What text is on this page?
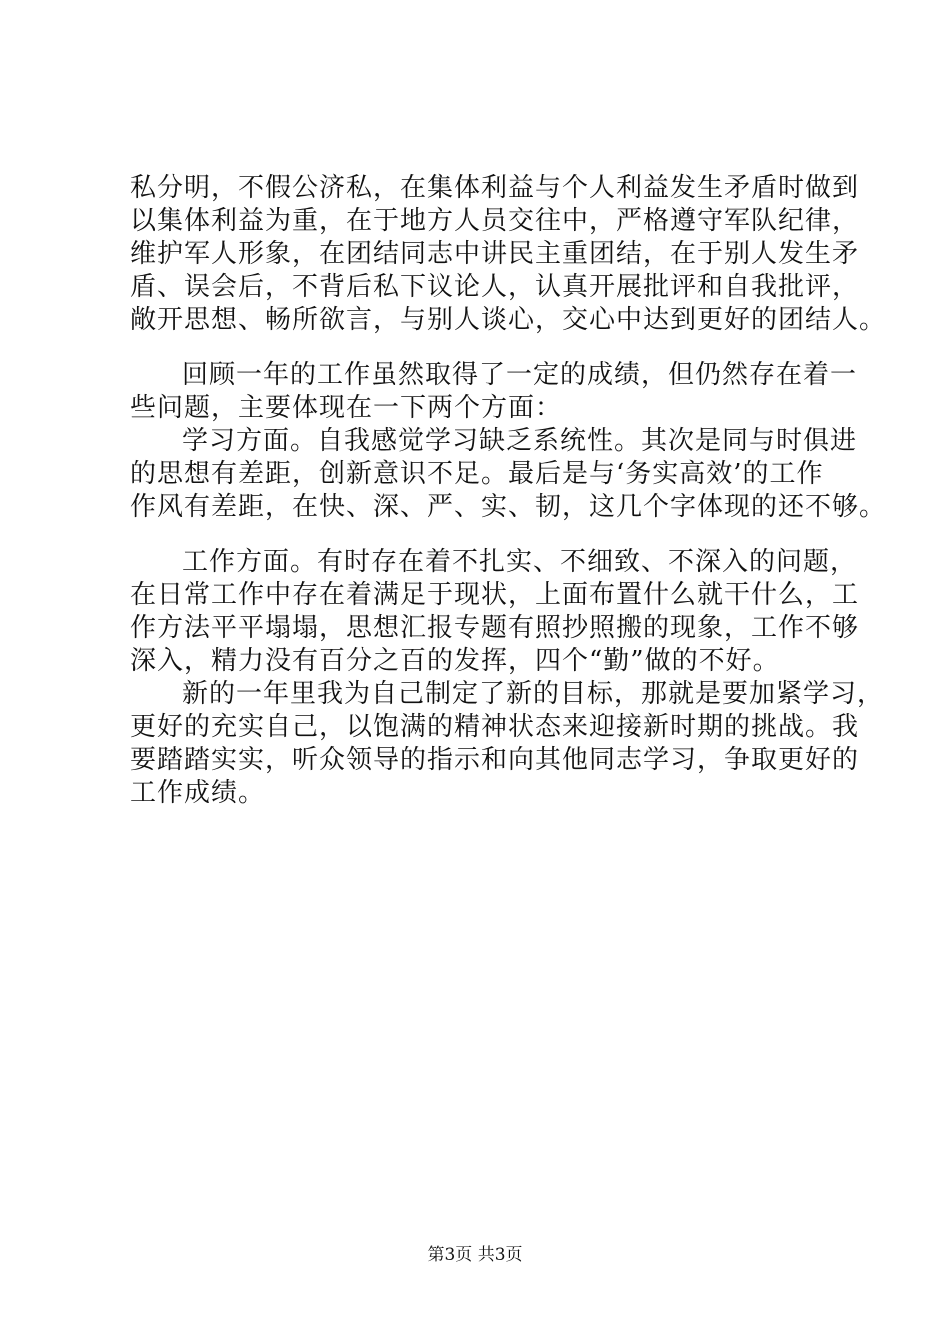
私分明，不假公济私，在集体利益与个人利益发生矛盾时做到
以集体利益为重，在于地方人员交往中，严格遵守军队纪律，
维护军人形象，在团结同志中讲民主重团结，在于别人发生矛
盾、误会后，不背后私下议论人，认真开展批评和自我批评，
敞开思想、畅所欲言，与别人谈心，交心中达到更好的团结人。
回顾一年的工作虽然取得了一定的成绩，但仍然存在着一
些问题，主要体现在一下两个方面：
学习方面。自我感觉学习缺乏系统性。其次是同与时俱进
的思想有差距，创新意识不足。最后是与‘务实高效’的工作
作风有差距，在快、深、严、实、韧，这几个字体现的还不够。
工作方面。有时存在着不扎实、不细致、不深入的问题，
在日常工作中存在着满足于现状，上面布置什么就干什么，工
作方法平平塌塌，思想汇报专题有照抄照搬的现象，工作不够
深入，精力没有百分之百的发挥，四个“勤”做的不好。
新的一年里我为自己制定了新的目标，那就是要加紧学习，
更好的充实自己，以饱满的精神状态来迎接新时期的挑战。我
要踏踏实实，听众领导的指示和向其他同志学习，争取更好的
工作成绩。
第3页 共3页
